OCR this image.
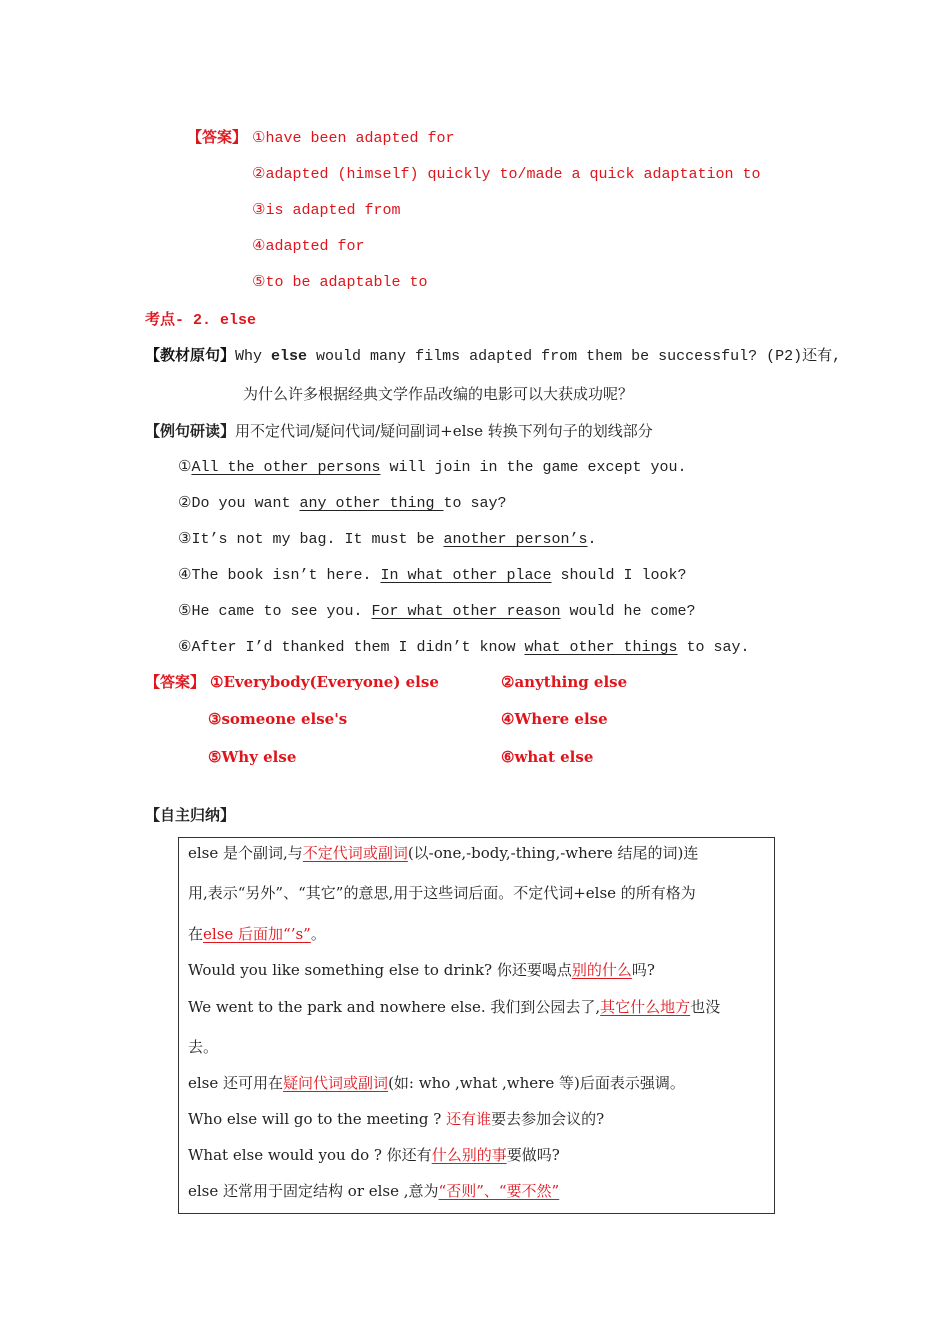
【答案】 ①have been adapted for
②adapted (himself) quickly to/made a quick adaptation to
③is adapted from
④adapted for
⑤to be adaptable to
考点- 2. else
【教材原句】Why else would many films adapted from them be successful? (P2)还有,
为什么许多根据经典文学作品改编的电影可以大获成功呢？
【例句研读】用不定代词/疑问代词/疑问副词+else 转换下列句子的划线部分
①All the other persons will join in the game except you.
②Do you want any other thing to say?
③It’s not my bag. It must be another person’s.
④The book isn’t here. In what other place should I look?
⑤He came to see you. For what other reason would he come?
⑥After I’d thanked them I didn’t know what other things to say.
【答案】 ①Everybody(Everyone) else	②anything else
③someone else's	④Where else
⑤Why else	⑥what else
【自主归纳】
else 是个副词,与不定代词或副词(以-one,-body,-thing,-where 结尾的词)连
用,表示“另外”、“其它”的意思,用于这些词后面。不定代词+else 的所有格为
在else 后面加“’s”。
Would you like something else to drink? 你还要喝点别的什么吗?
We went to the park and nowhere else. 我们到公园去了,其它什么地方也没
去。
else 还可用在疑问代词或副词(如: who ,what ,where 等)后面表示强调。
Who else will go to the meeting ? 还有谁要去参加会议的?
What else would you do ? 你还有什么别的事要做吗?
else 还常用于固定结构 or else ,意为“否则”、“要不然”
